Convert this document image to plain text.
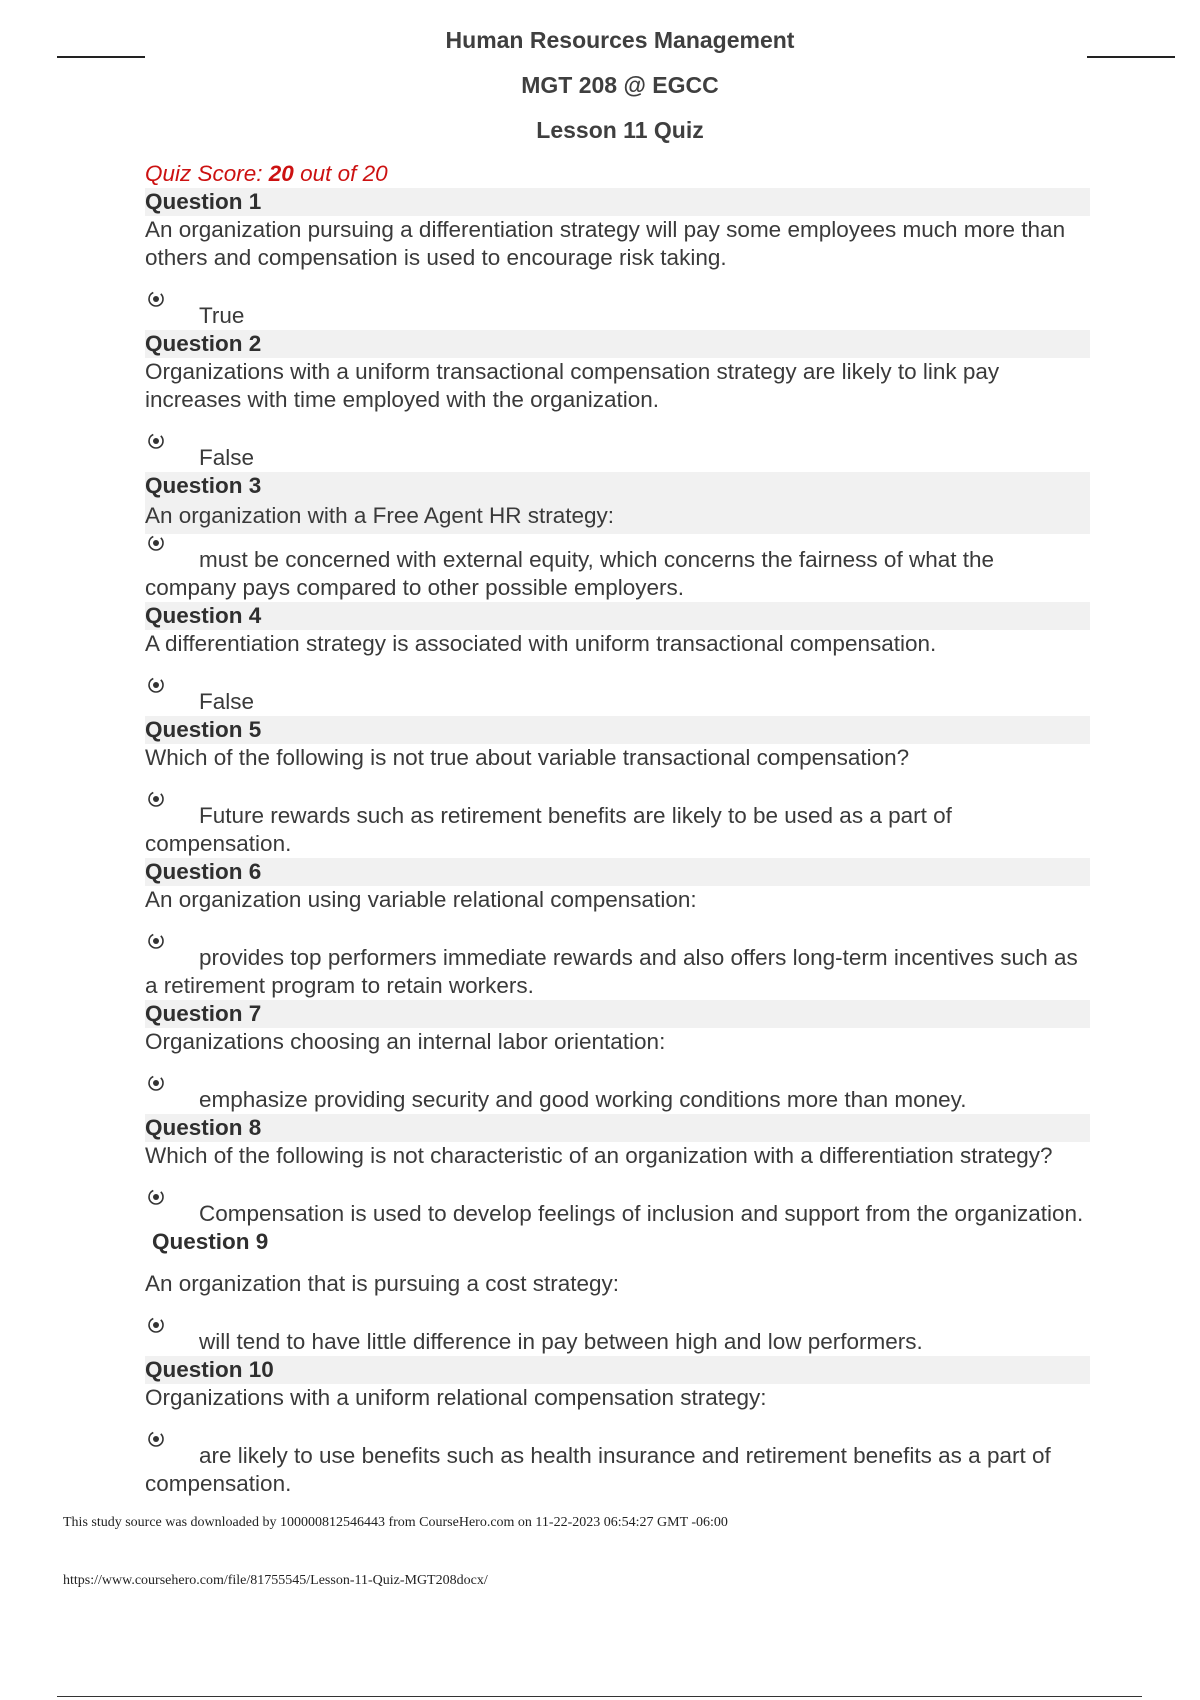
Human Resources Management
MGT 208 @ EGCC
Lesson 11 Quiz
Quiz Score: 20 out of 20
Question 1
An organization pursuing a differentiation strategy will pay some employees much more than others and compensation is used to encourage risk taking.
True
Question 2
Organizations with a uniform transactional compensation strategy are likely to link pay increases with time employed with the organization.
False
Question 3
An organization with a Free Agent HR strategy:
must be concerned with external equity, which concerns the fairness of what the company pays compared to other possible employers.
Question 4
A differentiation strategy is associated with uniform transactional compensation.
False
Question 5
Which of the following is not true about variable transactional compensation?
Future rewards such as retirement benefits are likely to be used as a part of compensation.
Question 6
An organization using variable relational compensation:
provides top performers immediate rewards and also offers long-term incentives such as a retirement program to retain workers.
Question 7
Organizations choosing an internal labor orientation:
emphasize providing security and good working conditions more than money.
Question 8
Which of the following is not characteristic of an organization with a differentiation strategy?
Compensation is used to develop feelings of inclusion and support from the organization.
Question 9
An organization that is pursuing a cost strategy:
will tend to have little difference in pay between high and low performers.
Question 10
Organizations with a uniform relational compensation strategy:
are likely to use benefits such as health insurance and retirement benefits as a part of compensation.
This study source was downloaded by 100000812546443 from CourseHero.com on 11-22-2023 06:54:27 GMT -06:00
https://www.coursehero.com/file/81755545/Lesson-11-Quiz-MGT208docx/
